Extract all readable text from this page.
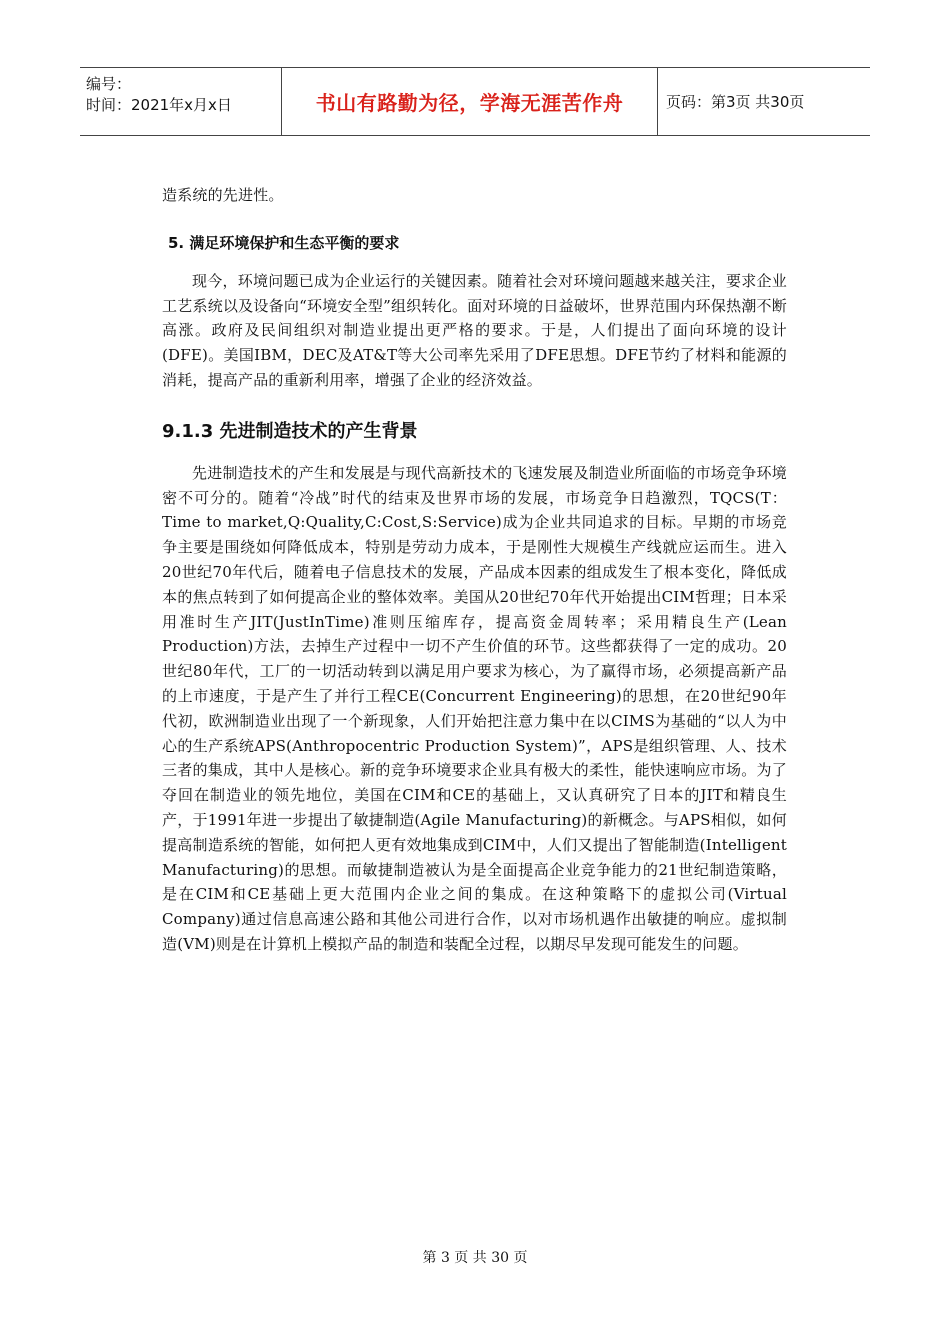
编号：
时间：2021年x月x日	书山有路勤为径，学海无涯苦作舟	页码：第3页 共30页

造系统的先进性。

5. 满足环境保护和生态平衡的要求

现今，环境问题已成为企业运行的关键因素。随着社会对环境问题越来越关注，要求企业工艺系统以及设备向“环境安全型”组织转化。面对环境的日益破坏，世界范围内环保热潮不断高涨。政府及民间组织对制造业提出更严格的要求。于是，人们提出了面向环境的设计(DFE)。美国IBM，DEC及AT&T等大公司率先采用了DFE思想。DFE节约了材料和能源的消耗，提高产品的重新利用率，增强了企业的经济效益。

9.1.3 先进制造技术的产生背景

先进制造技术的产生和发展是与现代高新技术的飞速发展及制造业所面临的市场竞争环境密不可分的。随着“冷战”时代的结束及世界市场的发展，市场竞争日趋激烈，TQCS(T：Time to market,Q:Quality,C:Cost,S:Service)成为企业共同追求的目标。早期的市场竞争主要是围绕如何降低成本，特别是劳动力成本，于是刚性大规模生产线就应运而生。进入20世纪70年代后，随着电子信息技术的发展，产品成本因素的组成发生了根本变化，降低成本的焦点转到了如何提高企业的整体效率。美国从20世纪70年代开始提出CIM哲理；日本采用准时生产JIT(JustInTime)准则压缩库存，提高资金周转率；采用精良生产(Lean Production)方法，去掉生产过程中一切不产生价值的环节。这些都获得了一定的成功。20世纪80年代，工厂的一切活动转到以满足用户要求为核心，为了赢得市场，必须提高新产品的上市速度，于是产生了并行工程CE(Concurrent Engineering)的思想，在20世纪90年代初，欧洲制造业出现了一个新现象，人们开始把注意力集中在以CIMS为基础的“以人为中心的生产系统APS(Anthropocentric Production System)”，APS是组织管理、人、技术三者的集成，其中人是核心。新的竞争环境要求企业具有极大的柔性，能快速响应市场。为了夺回在制造业的领先地位，美国在CIM和CE的基础上，又认真研究了日本的JIT和精良生产，于1991年进一步提出了敏捷制造(Agile Manufacturing)的新概念。与APS相似，如何提高制造系统的智能，如何把人更有效地集成到CIM中，人们又提出了智能制造(Intelligent Manufacturing)的思想。而敏捷制造被认为是全面提高企业竞争能力的21世纪制造策略，是在CIM和CE基础上更大范围内企业之间的集成。在这种策略下的虚拟公司(Virtual Company)通过信息高速公路和其他公司进行合作，以对市场机遇作出敏捷的响应。虚拟制造(VM)则是在计算机上模拟产品的制造和装配全过程，以期尽早发现可能发生的问题。

第 3 页 共 30 页
